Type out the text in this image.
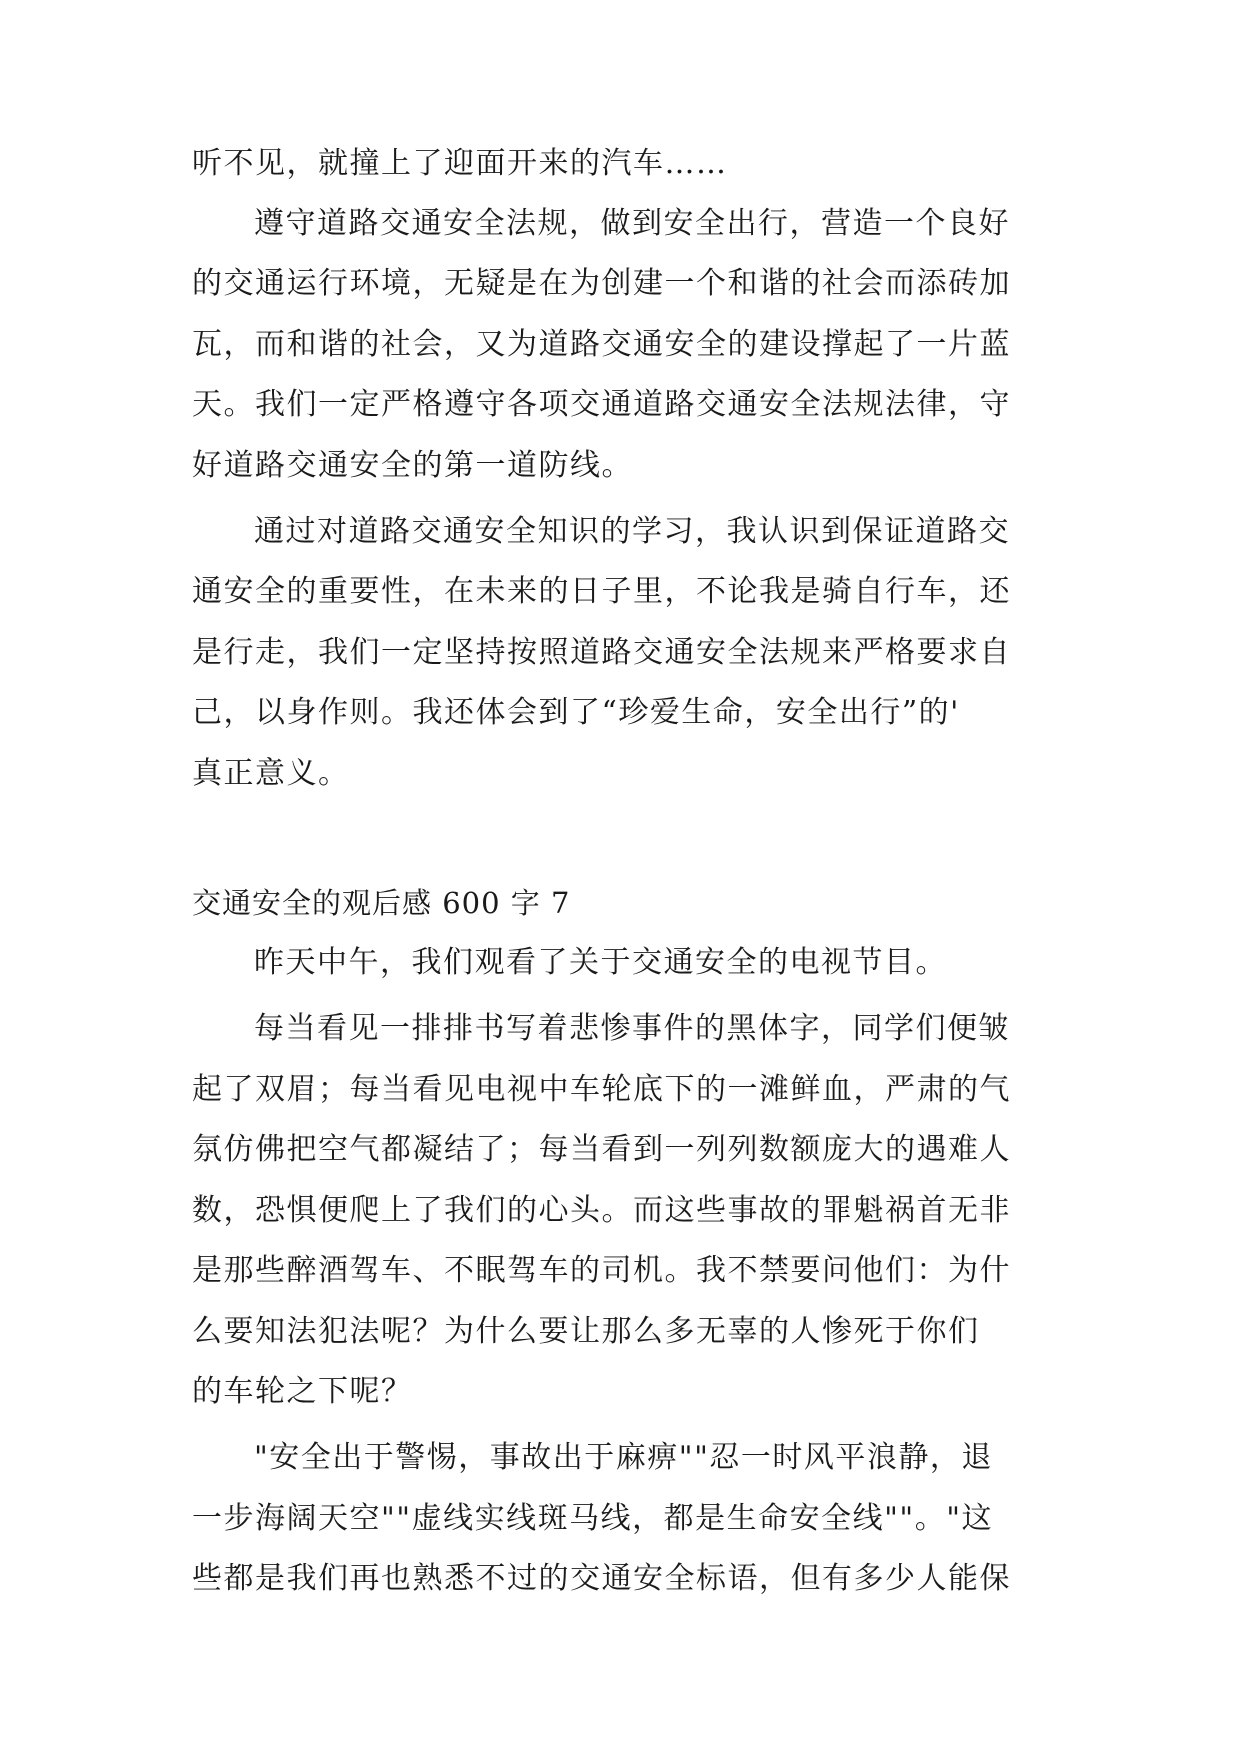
听不见，就撞上了迎面开来的汽车……
遵守道路交通安全法规，做到安全出行，营造一个良好
的交通运行环境，无疑是在为创建一个和谐的社会而添砖加
瓦，而和谐的社会，又为道路交通安全的建设撑起了一片蓝
天。我们一定严格遵守各项交通道路交通安全法规法律，守
好道路交通安全的第一道防线。
通过对道路交通安全知识的学习，我认识到保证道路交
通安全的重要性，在未来的日子里，不论我是骑自行车，还
是行走，我们一定坚持按照道路交通安全法规来严格要求自
己，以身作则。我还体会到了“珍爱生命，安全出行”的'
真正意义。
交通安全的观后感 600 字 7
昨天中午，我们观看了关于交通安全的电视节目。
每当看见一排排书写着悲惨事件的黑体字，同学们便皱
起了双眉；每当看见电视中车轮底下的一滩鲜血，严肃的气
氛仿佛把空气都凝结了；每当看到一列列数额庞大的遇难人
数，恐惧便爬上了我们的心头。而这些事故的罪魁祸首无非
是那些醉酒驾车、不眠驾车的司机。我不禁要问他们：为什
么要知法犯法呢？为什么要让那么多无辜的人惨死于你们
的车轮之下呢？
"安全出于警惕，事故出于麻痹""忍一时风平浪静，退
一步海阔天空""虚线实线斑马线，都是生命安全线""。"这
些都是我们再也熟悉不过的交通安全标语，但有多少人能保
